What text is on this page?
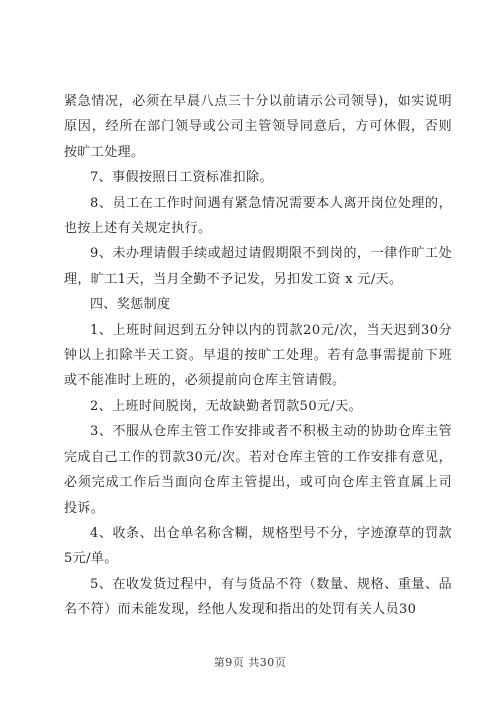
紧急情况，必须在早晨八点三十分以前请示公司领导)，如实说明原因，经所在部门领导或公司主管领导同意后，方可休假，否则按旷工处理。

7、事假按照日工资标准扣除。

8、员工在工作时间遇有紧急情况需要本人离开岗位处理的，也按上述有关规定执行。

9、未办理请假手续或超过请假期限不到岗的，一律作旷工处理，旷工1天，当月全勤不予记发，另扣发工资 x 元/天。

四、奖惩制度

1、上班时间迟到五分钟以内的罚款20元/次，当天迟到30分钟以上扣除半天工资。早退的按旷工处理。若有急事需提前下班或不能准时上班的，必须提前向仓库主管请假。

2、上班时间脱岗，无故缺勤者罚款50元/天。

3、不服从仓库主管工作安排或者不积极主动的协助仓库主管完成自己工作的罚款30元/次。若对仓库主管的工作安排有意见，必须完成工作后当面向仓库主管提出，或可向仓库主管直属上司投诉。

4、收条、出仓单名称含糊，规格型号不分，字迹潦草的罚款5元/单。

5、在收发货过程中，有与货品不符（数量、规格、重量、品名不符）而未能发现，经他人发现和指出的处罚有关人员30

第9页 共30页
